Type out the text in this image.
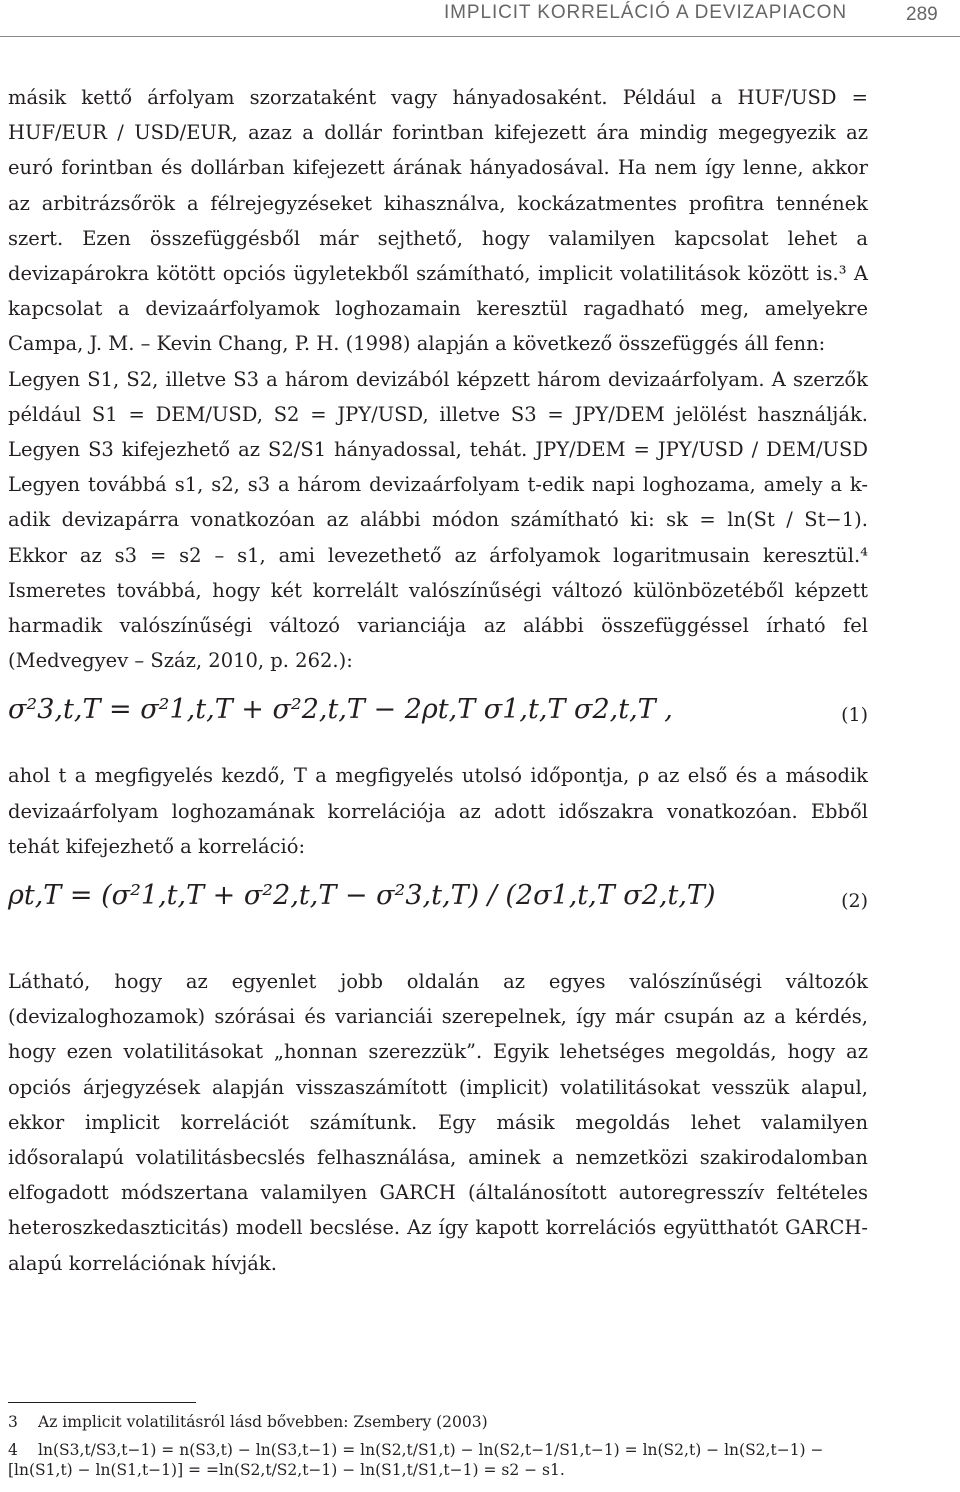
IMPLICIT KORRELÁCIÓ A DEVIZAPIACON	289

másik kettő árfolyam szorzataként vagy hányadosaként. Például a HUF/USD = HUF/EUR / USD/EUR, azaz a dollár forintban kifejezett ára mindig megegyezik az euró forintban és dollárban kifejezett árának hányadosával. Ha nem így lenne, akkor az arbitrázsőrök a félrejegyzéseket kihasználva, kockázatmentes profitra tennének szert. Ezen összefüggésből már sejthető, hogy valamilyen kapcsolat lehet a devizapárokra kötött opciós ügyletekből számítható, implicit volatilitások között is.³ A kapcsolat a devizaárfolyamok loghozamain keresztül ragadható meg, amelyekre Campa, J. M. – Kevin Chang, P. H. (1998) alapján a következő összefüggés áll fenn:

Legyen S1, S2, illetve S3 a három devizából képzett három devizaárfolyam. A szerzők például S1 = DEM/USD, S2 = JPY/USD, illetve S3 = JPY/DEM jelölést használják. Legyen S3 kifejezhető az S2/S1 hányadossal, tehát. JPY/DEM = JPY/USD / DEM/USD Legyen továbbá s1, s2, s3 a három devizaárfolyam t-edik napi loghozama, amely a k-adik devizapárra vonatkozóan az alábbi módon számítható ki: sk = ln(St / St−1). Ekkor az s3 = s2 – s1, ami levezethető az árfolyamok logaritmusain keresztül.⁴ Ismeretes továbbá, hogy két korrelált valószínűségi változó különbözetéből képzett harmadik valószínűségi változó varianciája az alábbi összefüggéssel írható fel (Medvegyev – Száz, 2010, p. 262.):

σ²3,t,T = σ²1,t,T + σ²2,t,T − 2ρt,T σ1,t,T σ2,t,T ,	(1)

ahol t a megfigyelés kezdő, T a megfigyelés utolsó időpontja, ρ az első és a második devizaárfolyam loghozamának korrelációja az adott időszakra vonatkozóan. Ebből tehát kifejezhető a korreláció:

ρt,T = (σ²1,t,T + σ²2,t,T − σ²3,t,T) / (2σ1,t,T σ2,t,T)	(2)

Látható, hogy az egyenlet jobb oldalán az egyes valószínűségi változók (devizaloghozamok) szórásai és varianciái szerepelnek, így már csupán az a kérdés, hogy ezen volatilitásokat „honnan szerezzük”. Egyik lehetséges megoldás, hogy az opciós árjegyzések alapján visszaszámított (implicit) volatilitásokat vesszük alapul, ekkor implicit korrelációt számítunk. Egy másik megoldás lehet valamilyen idősoralapú volatilitásbecslés felhasználása, aminek a nemzetközi szakirodalomban elfogadott módszertana valamilyen GARCH (általánosított autoregresszív feltételes heteroszkedaszticitás) modell becslése. Az így kapott korrelációs együtthatót GARCH-alapú korrelációnak hívják.

3 Az implicit volatilitásról lásd bővebben: Zsembery (2003)
4 ln(S3,t/S3,t−1) = n(S3,t) − ln(S3,t−1) = ln(S2,t/S1,t) − ln(S2,t−1/S1,t−1) = ln(S2,t) − ln(S2,t−1) − [ln(S1,t) − ln(S1,t−1)] = =ln(S2,t/S2,t−1) − ln(S1,t/S1,t−1) = s2 − s1.
